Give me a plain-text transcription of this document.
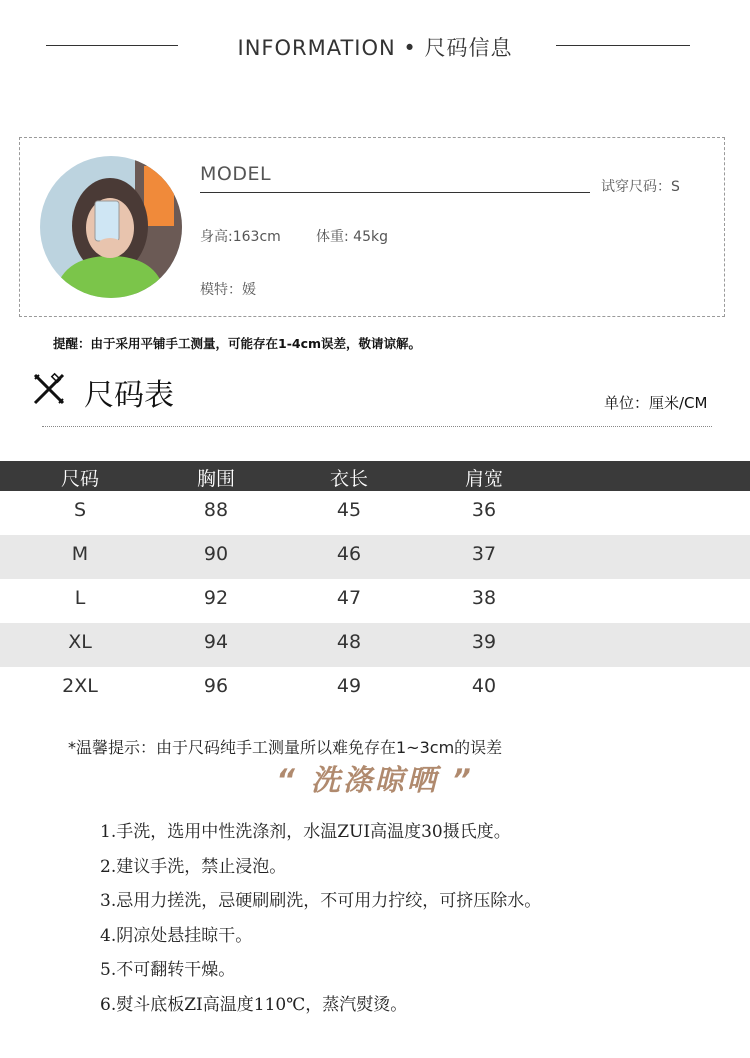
INFORMATION • 尺码信息
MODEL
试穿尺码：S
身高:163cm	体重: 45kg
模特：媛
提醒：由于采用平铺手工测量，可能存在1-4cm误差，敬请谅解。
尺码表	单位：厘米/CM
尺码	胸围	衣长	肩宽
S	88	45	36
M	90	46	37
L	92	47	38
XL	94	48	39
2XL	96	49	40
*温馨提示：由于尺码纯手工测量所以难免存在1~3cm的误差
“ 洗涤晾晒 ”
1.手洗，选用中性洗涤剂，水温ZUI高温度30摄氏度。
2.建议手洗，禁止浸泡。
3.忌用力搓洗，忌硬刷刷洗，不可用力拧绞，可挤压除水。
4.阴凉处悬挂晾干。
5.不可翻转干燥。
6.熨斗底板ZI高温度110℃，蒸汽熨烫。
